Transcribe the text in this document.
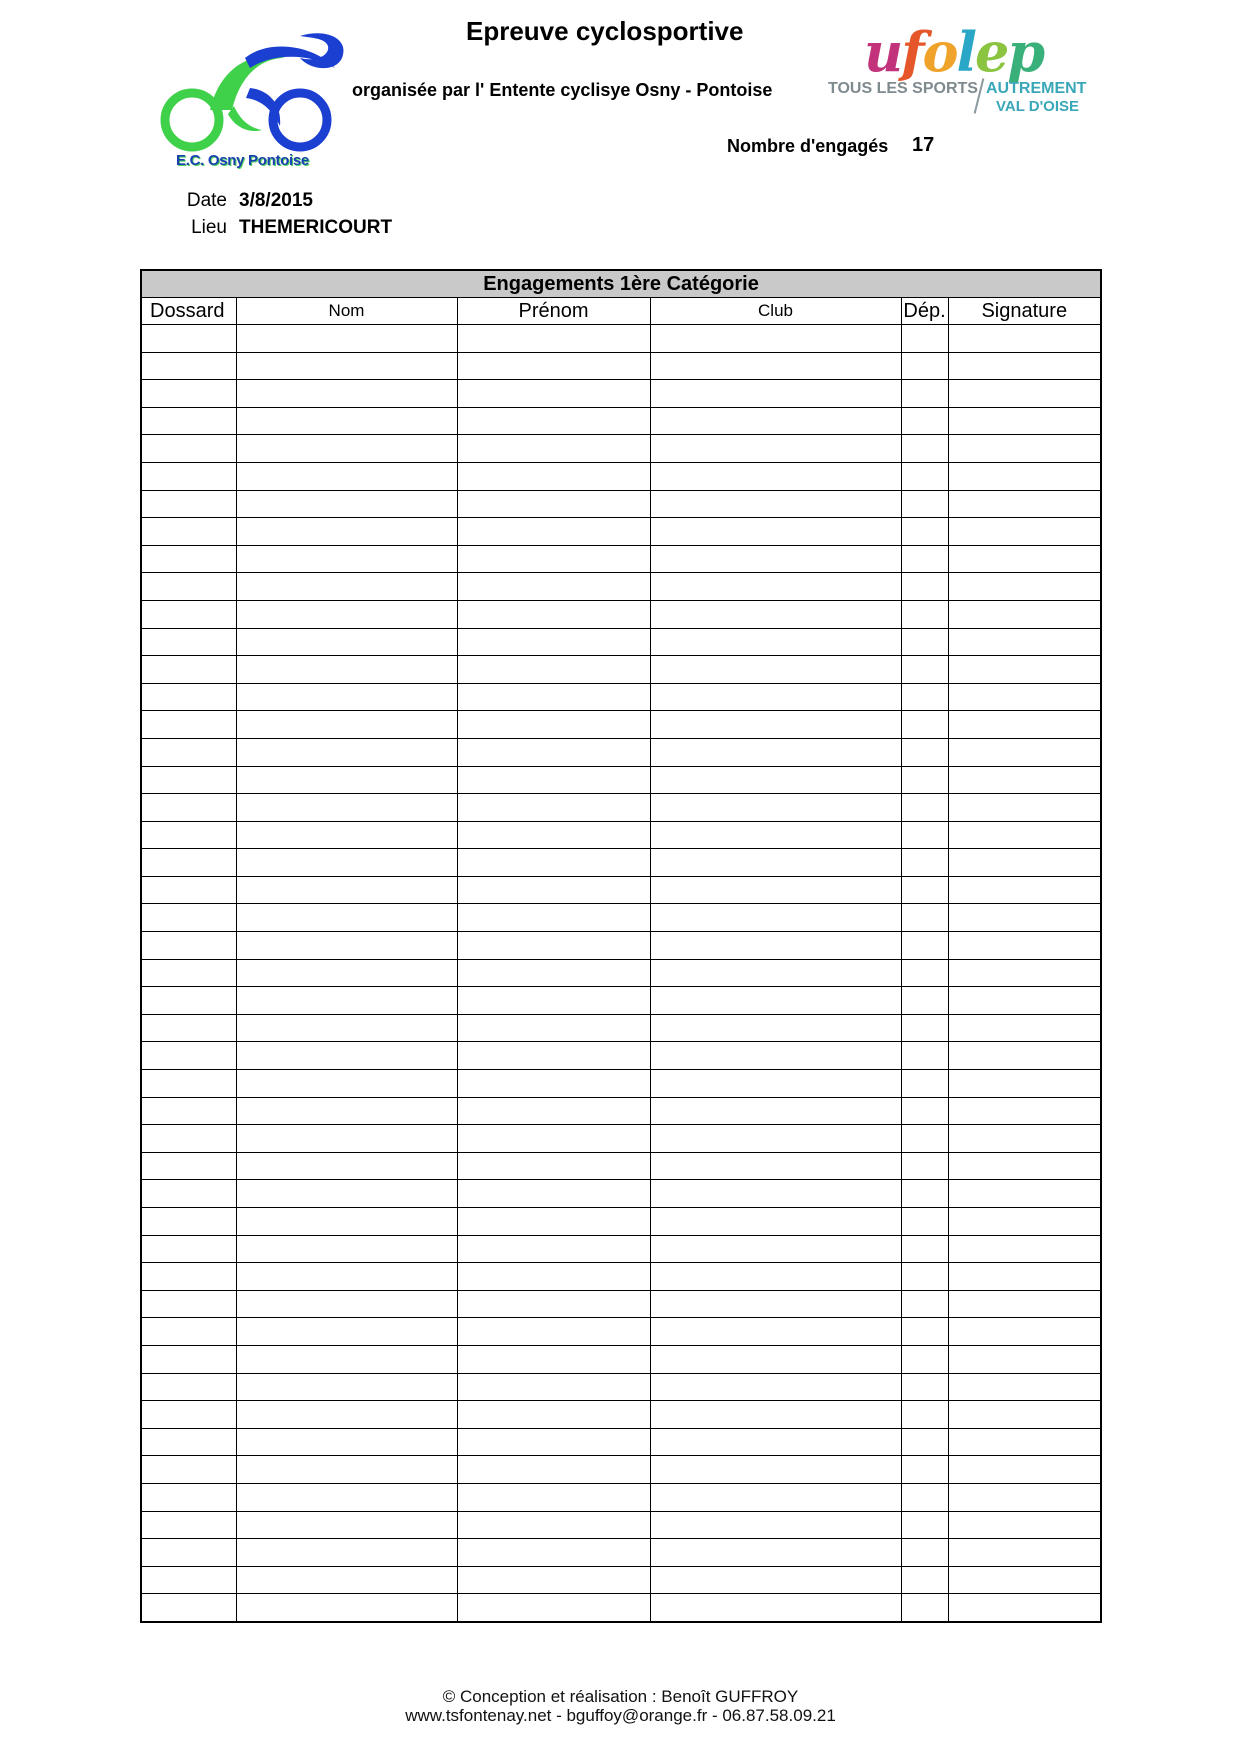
E.C. Osny Pontoise
Epreuve cyclosportive
organisée par l' Entente cyclisye Osny - Pontoise
ufolep
TOUS LES SPORTS AUTREMENT
VAL D'OISE
Nombre d'engagés 17
Date 3/8/2015
Lieu THEMERICOURT
Engagements 1ère Catégorie					
Dossard	Nom	Prénom	Club	Dép.	Signature

© Conception et réalisation : Benoît GUFFROY
www.tsfontenay.net - bguffoy@orange.fr - 06.87.58.09.21
